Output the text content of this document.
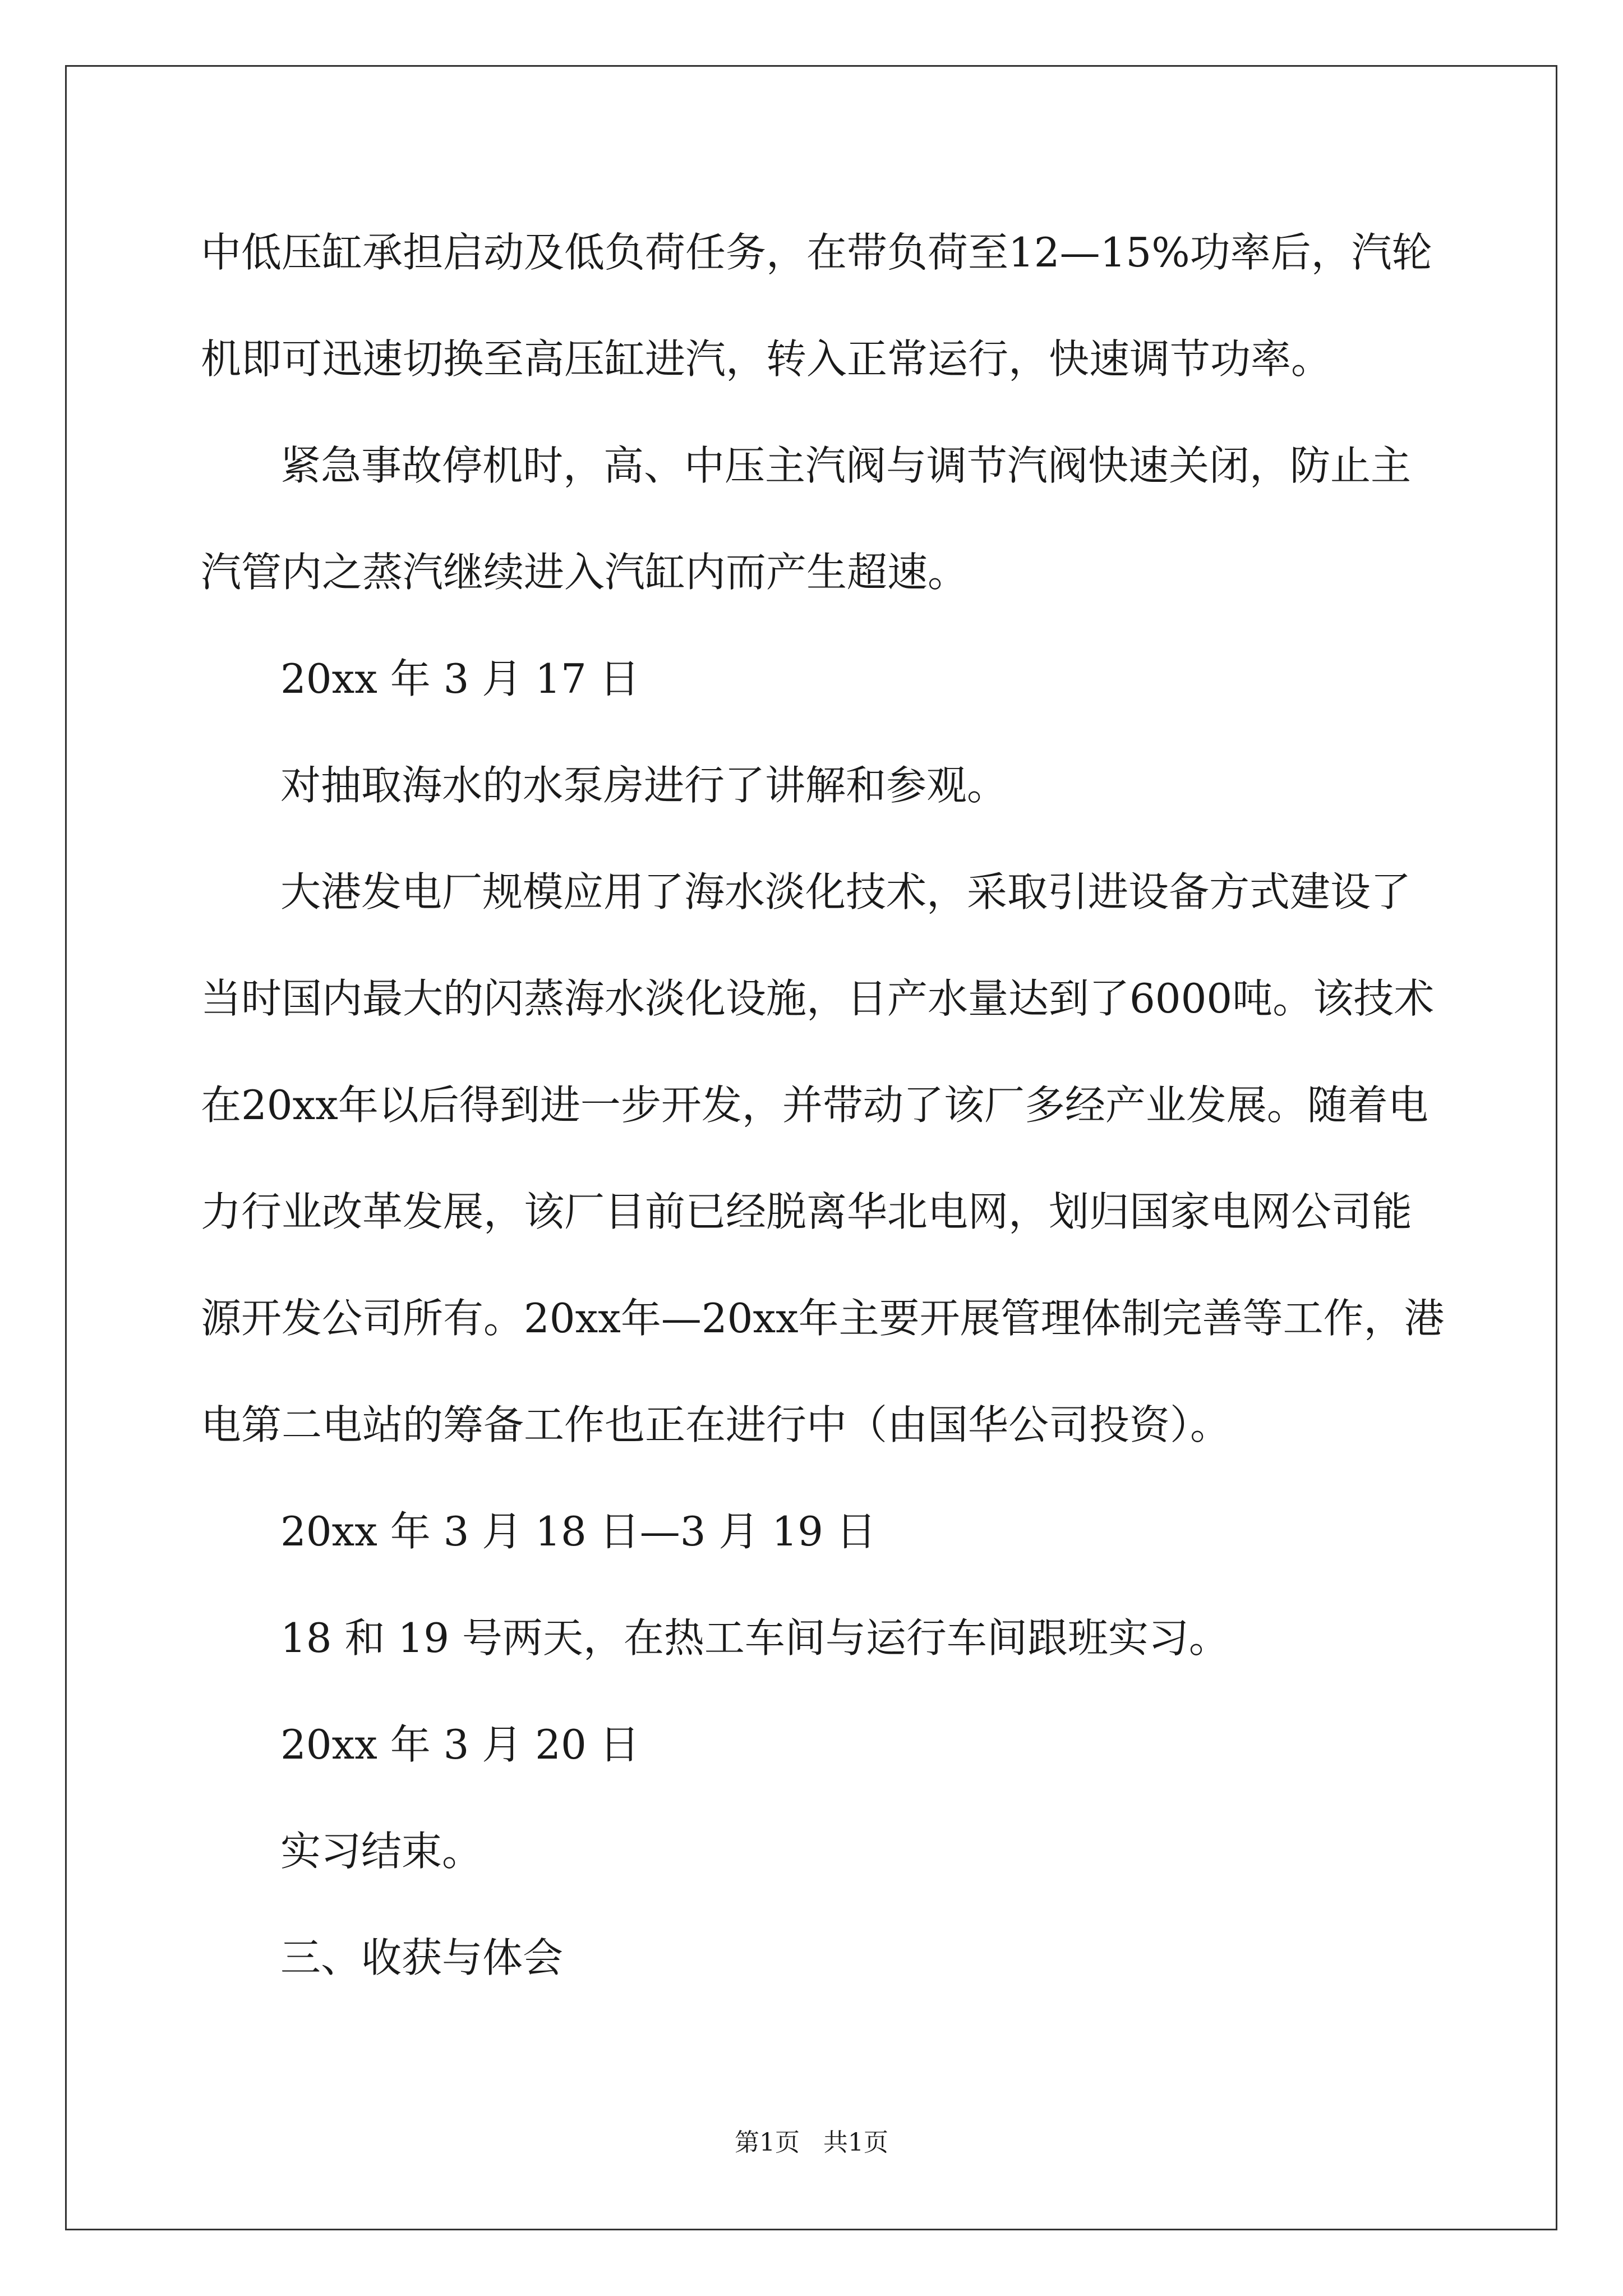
中低压缸承担启动及低负荷任务，在带负荷至12—15%功率后，汽轮

机即可迅速切换至高压缸进汽，转入正常运行，快速调节功率。

紧急事故停机时，高、中压主汽阀与调节汽阀快速关闭，防止主

汽管内之蒸汽继续进入汽缸内而产生超速。

20xx 年 3 月 17 日

对抽取海水的水泵房进行了讲解和参观。

大港发电厂规模应用了海水淡化技术，采取引进设备方式建设了

当时国内最大的闪蒸海水淡化设施，日产水量达到了6000吨。该技术

在20xx年以后得到进一步开发，并带动了该厂多经产业发展。随着电

力行业改革发展，该厂目前已经脱离华北电网，划归国家电网公司能

源开发公司所有。20xx年—20xx年主要开展管理体制完善等工作，港

电第二电站的筹备工作也正在进行中（由国华公司投资）。

20xx 年 3 月 18 日—3 月 19 日

18 和 19 号两天，在热工车间与运行车间跟班实习。

20xx 年 3 月 20 日

实习结束。

三、收获与体会

第1页 共1页
